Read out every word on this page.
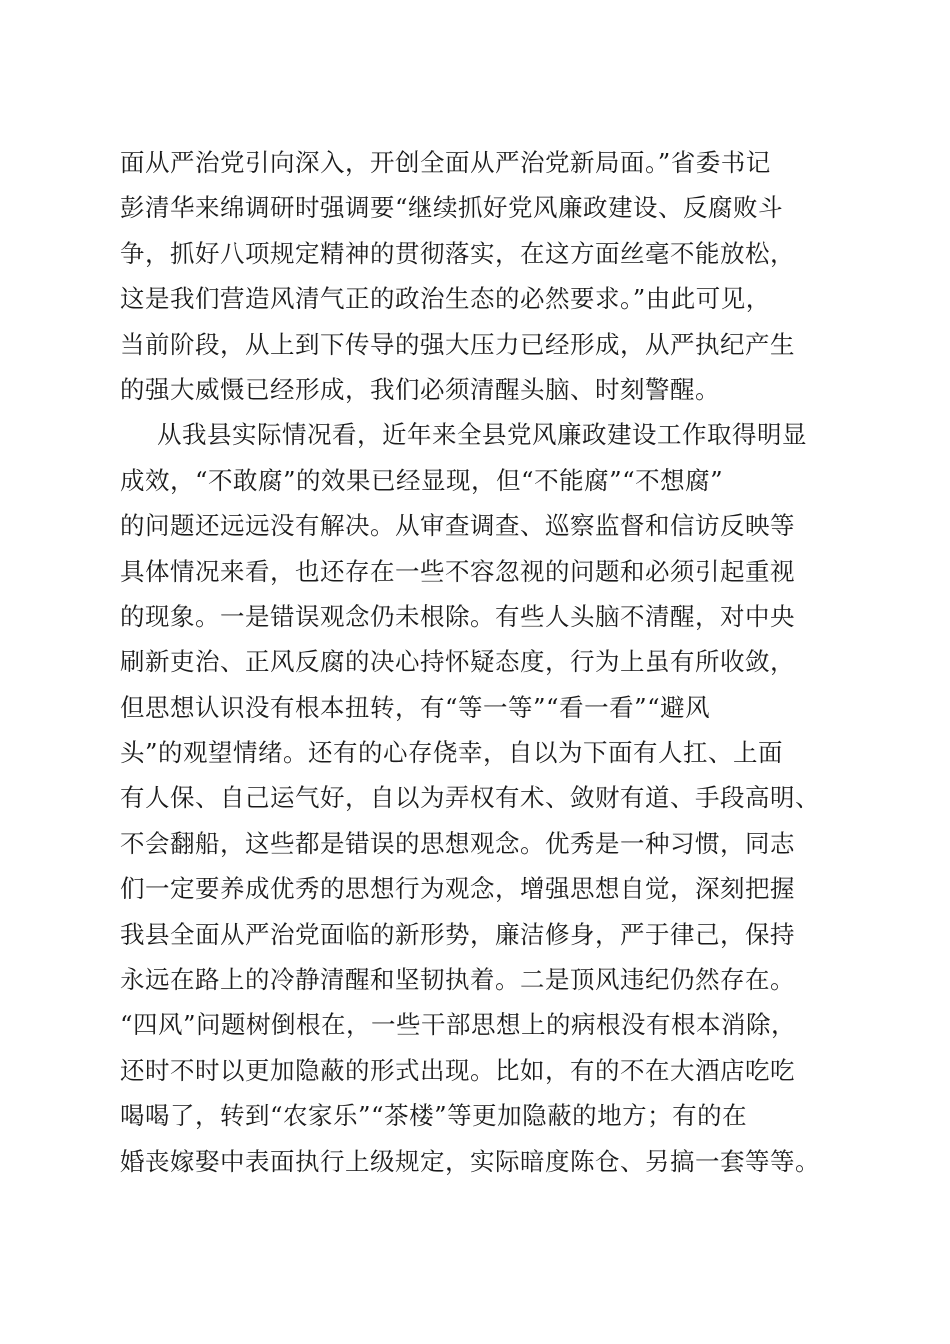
面从严治党引向深入，开创全面从严治党新局面。”省委书记
彭清华来绵调研时强调要“继续抓好党风廉政建设、反腐败斗
争，抓好八项规定精神的贯彻落实，在这方面丝毫不能放松，
这是我们营造风清气正的政治生态的必然要求。”由此可见，
当前阶段，从上到下传导的强大压力已经形成，从严执纪产生
的强大威慑已经形成，我们必须清醒头脑、时刻警醒。
从我县实际情况看，近年来全县党风廉政建设工作取得明显
成效，“不敢腐”的效果已经显现，但“不能腐”“不想腐”
的问题还远远没有解决。从审查调查、巡察监督和信访反映等
具体情况来看，也还存在一些不容忽视的问题和必须引起重视
的现象。一是错误观念仍未根除。有些人头脑不清醒，对中央
刷新吏治、正风反腐的决心持怀疑态度，行为上虽有所收敛，
但思想认识没有根本扭转，有“等一等”“看一看”“避风
头”的观望情绪。还有的心存侥幸，自以为下面有人扛、上面
有人保、自己运气好，自以为弄权有术、敛财有道、手段高明、
不会翻船，这些都是错误的思想观念。优秀是一种习惯，同志
们一定要养成优秀的思想行为观念，增强思想自觉，深刻把握
我县全面从严治党面临的新形势，廉洁修身，严于律己，保持
永远在路上的冷静清醒和坚韧执着。二是顶风违纪仍然存在。
“四风”问题树倒根在，一些干部思想上的病根没有根本消除，
还时不时以更加隐蔽的形式出现。比如，有的不在大酒店吃吃
喝喝了，转到“农家乐”“茶楼”等更加隐蔽的地方；有的在
婚丧嫁娶中表面执行上级规定，实际暗度陈仓、另搞一套等等。
